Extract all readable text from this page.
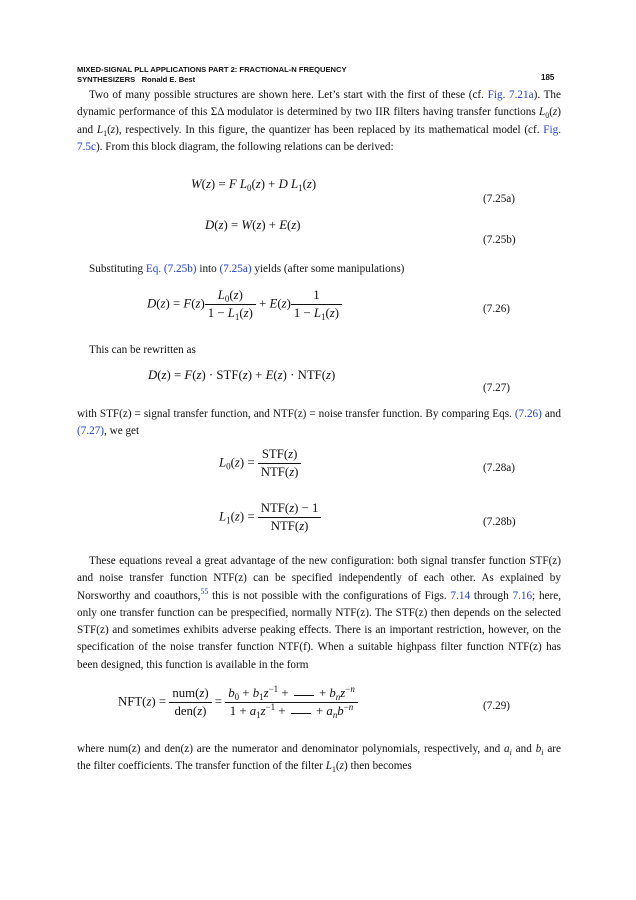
MIXED-SIGNAL PLL APPLICATIONS PART 2: FRACTIONAL-N FREQUENCY
SYNTHESIZERS Ronald E. Best	185

Two of many possible structures are shown here. Let’s start with the first of these (cf. Fig. 7.21a). The dynamic performance of this ΣΔ modulator is determined by two IIR filters having transfer functions $L_0(z)$ and $L_1(z)$, respectively. In this figure, the quantizer has been replaced by its mathematical model (cf. Fig. 7.5c). From this block diagram, the following relations can be derived:

W(z) = F $L_0(z) + D$ $L_1(z)$
(7.25a)
D(z) = W(z) + E(z)
(7.25b)

Substituting Eq. (7.25b) into (7.25a) yields (after some manipulations)

$D(z) = F(z) \frac{L_0(z)}{1 - L_1(z)} + E(z) \frac{1}{1 - L_1(z)}$	(7.26)

This can be rewritten as

D(z) = F(z) · STF(z) + E(z) · NTF(z)
(7.27)

with STF(z) = signal transfer function, and NTF(z) = noise transfer function. By comparing Eqs. (7.26) and (7.27), we get

$L_0(z) = \frac{\text{STF(z)}}{\text{NTF(z)}}$	(7.28a)
$L_1(z) = \frac{\text{NTF(z) − 1}}{\text{NTF(z)}}$	(7.28b)

These equations reveal a great advantage of the new configuration: both signal transfer function STF(z) and noise transfer function NTF(z) can be specified independently of each other. As explained by Norsworthy and coauthors,$^{55}$ this is not possible with the configurations of Figs. 7.14 through 7.16; here, only one transfer function can be prespecified, normally NTF(z). The STF(z) then depends on the selected STF(z) and sometimes exhibits adverse peaking effects. There is an important restriction, however, on the specification of the noise transfer function NTF(f). When a suitable highpass filter function NTF(z) has been designed, this function is available in the form

$NFT(z) = \frac{\text{num(z)}}{\text{den(z)}} = \frac{b_0 + b_1z^{-1} + + b_nz^{-n}}{1 + a_1z^{-1} + + a_nb^{-n}}$	(7.29)

where num(z) and den(z) are the numerator and denominator polynomials, respectively, and $a_i$ and $b_i$ are the filter coefficients. The transfer function of the filter $L_1(z)$ then becomes
